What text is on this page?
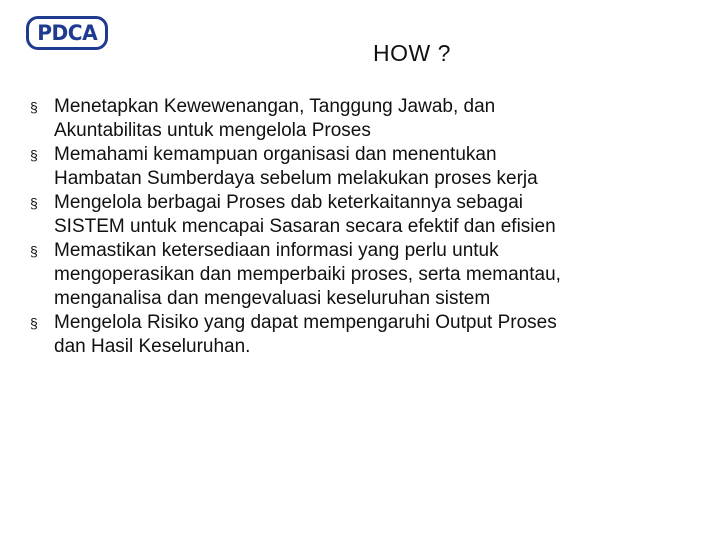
PDCA
HOW ?
§ Menetapkan Kewewenangan, Tanggung Jawab, dan
Akuntabilitas untuk mengelola Proses
§ Memahami kemampuan organisasi dan menentukan
Hambatan Sumberdaya sebelum melakukan proses kerja
§ Mengelola berbagai Proses dab keterkaitannya sebagai
SISTEM untuk mencapai Sasaran secara efektif dan efisien
§ Memastikan ketersediaan informasi yang perlu untuk
mengoperasikan dan memperbaiki proses, serta memantau,
menganalisa dan mengevaluasi keseluruhan sistem
§ Mengelola Risiko yang dapat mempengaruhi Output Proses
dan Hasil Keseluruhan.
